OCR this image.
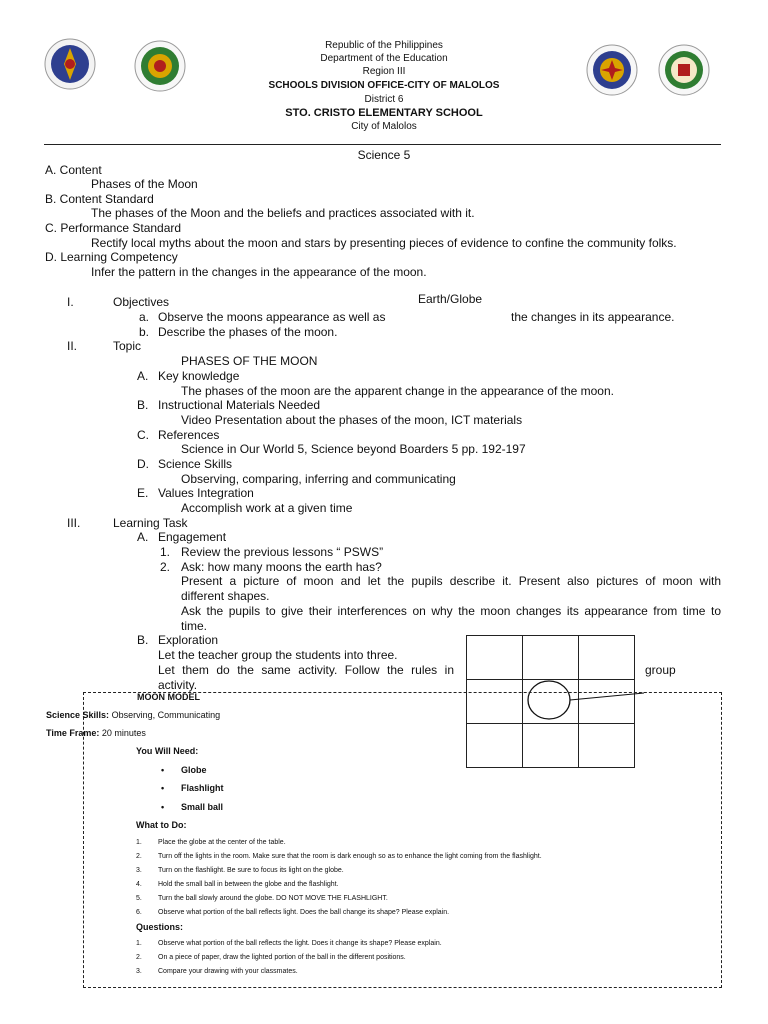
Republic of the Philippines
Department of the Education
Region III
SCHOOLS DIVISION OFFICE-CITY OF MALOLOS
District 6
STO. CRISTO ELEMENTARY SCHOOL
City of Malolos
Science 5
A. Content
Phases of the Moon
B. Content Standard
The phases of the Moon and the beliefs and practices associated with it.
C. Performance Standard
Rectify local myths about the moon and stars by presenting pieces of evidence to confine the community folks.
D. Learning Competency
Infer the pattern in the changes in the appearance of the moon.
I.	Objectives	Earth/Globe
a. Observe the moons appearance as well as	the changes in its appearance.
b. Describe the phases of the moon.
II.	Topic
PHASES OF THE MOON
A. Key knowledge
The phases of the moon are the apparent change in the appearance of the moon.
B. Instructional Materials Needed
Video Presentation about the phases of the moon, ICT materials
C. References
Science in Our World 5, Science beyond Boarders 5 pp. 192-197
D. Science Skills
Observing, comparing, inferring and communicating
E. Values Integration
Accomplish work at a given time
III.	Learning Task
A. Engagement
1. Review the previous lessons “ PSWS”
2. Ask: how many moons the earth has?
Present a picture of moon and let the pupils describe it. Present also pictures of moon with
different shapes.
Ask the pupils to give their interferences on why the moon changes its appearance from time to
time.
B. Exploration
Let the teacher group the students into three.
Let them do the same activity. Follow the rules in	group
activity.
MOON MODEL
Science Skills: Observing, Communicating
Time Frame: 20 minutes
You Will Need:
• Globe
• Flashlight
• Small ball
What to Do:
1. Place the globe at the center of the table.
2. Turn off the lights in the room. Make sure that the room is dark enough so as to enhance the light coming from the flashlight.
3. Turn on the flashlight. Be sure to focus its light on the globe.
4. Hold the small ball in between the globe and the flashlight.
5. Turn the ball slowly around the globe. DO NOT MOVE THE FLASHLIGHT.
6. Observe what portion of the ball reflects light. Does the ball change its shape? Please explain.
Questions:
1. Observe what portion of the ball reflects the light. Does it change its shape? Please explain.
2. On a piece of paper, draw the lighted portion of the ball in the different positions.
3. Compare your drawing with your classmates.
